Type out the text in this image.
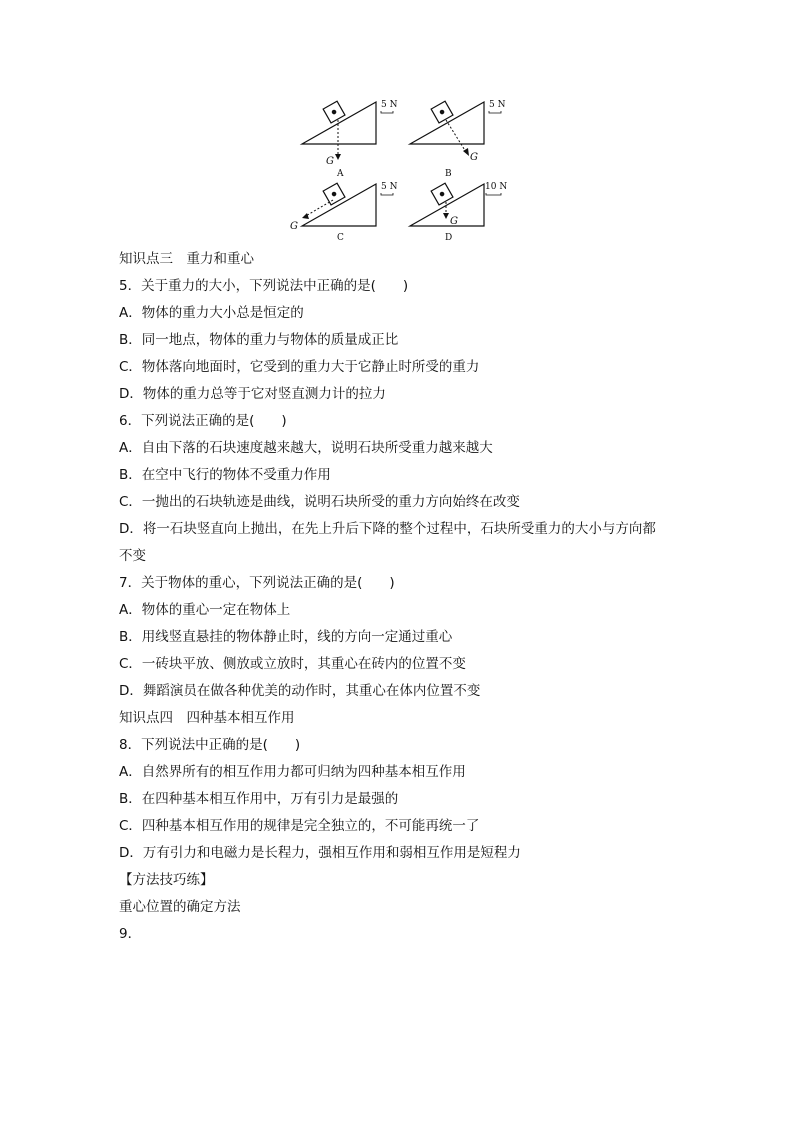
G
A
5 N
G
B
5 N
G
C
5 N
G
D
10 N

知识点三　重力和重心

5．关于重力的大小，下列说法中正确的是(　　)

A．物体的重力大小总是恒定的

B．同一地点，物体的重力与物体的质量成正比

C．物体落向地面时，它受到的重力大于它静止时所受的重力

D．物体的重力总等于它对竖直测力计的拉力

6．下列说法正确的是(　　)

A．自由下落的石块速度越来越大，说明石块所受重力越来越大

B．在空中飞行的物体不受重力作用

C．一抛出的石块轨迹是曲线，说明石块所受的重力方向始终在改变

D．将一石块竖直向上抛出，在先上升后下降的整个过程中，石块所受重力的大小与方向都

不变

7．关于物体的重心，下列说法正确的是(　　)

A．物体的重心一定在物体上

B．用线竖直悬挂的物体静止时，线的方向一定通过重心

C．一砖块平放、侧放或立放时，其重心在砖内的位置不变

D．舞蹈演员在做各种优美的动作时，其重心在体内位置不变

知识点四　四种基本相互作用

8．下列说法中正确的是(　　)

A．自然界所有的相互作用力都可归纳为四种基本相互作用

B．在四种基本相互作用中，万有引力是最强的

C．四种基本相互作用的规律是完全独立的，不可能再统一了

D．万有引力和电磁力是长程力，强相互作用和弱相互作用是短程力

【方法技巧练】

重心位置的确定方法

9．
